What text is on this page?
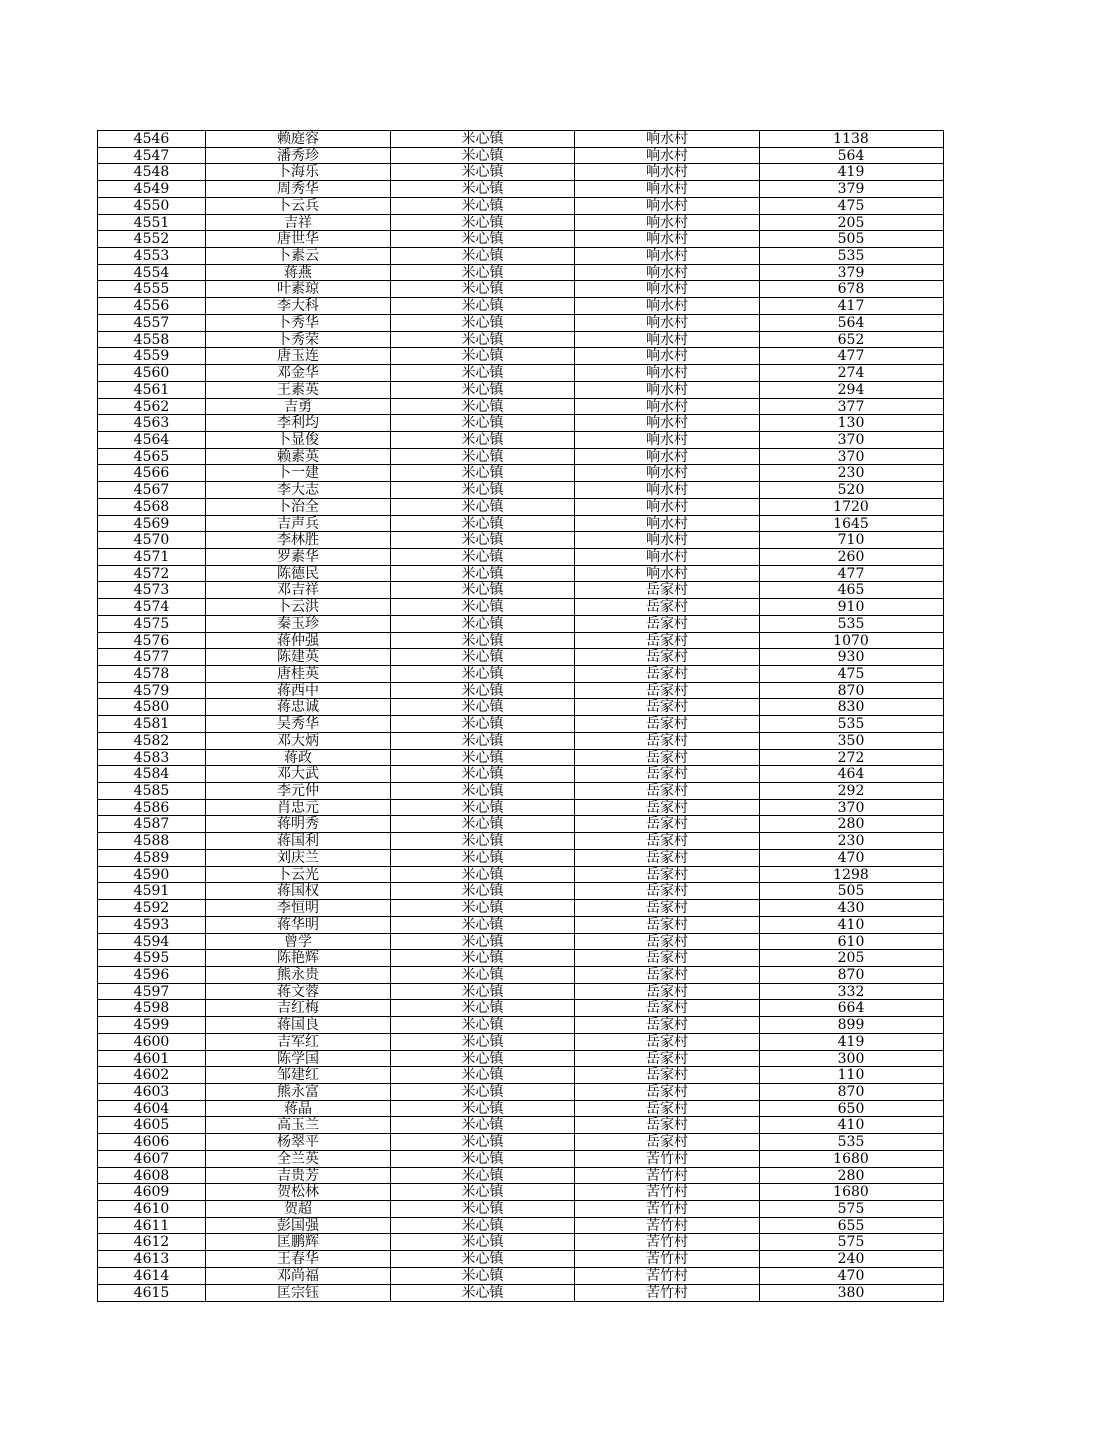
4546	赖庭容	米心镇	响水村	1138
4547	潘秀珍	米心镇	响水村	564
4548	卜海乐	米心镇	响水村	419
4549	周秀华	米心镇	响水村	379
4550	卜云兵	米心镇	响水村	475
4551	吉祥	米心镇	响水村	205
4552	唐世华	米心镇	响水村	505
4553	卜素云	米心镇	响水村	535
4554	蒋燕	米心镇	响水村	379
4555	叶素琼	米心镇	响水村	678
4556	李大科	米心镇	响水村	417
4557	卜秀华	米心镇	响水村	564
4558	卜秀荣	米心镇	响水村	652
4559	唐玉连	米心镇	响水村	477
4560	邓金华	米心镇	响水村	274
4561	王素英	米心镇	响水村	294
4562	吉勇	米心镇	响水村	377
4563	李利均	米心镇	响水村	130
4564	卜显俊	米心镇	响水村	370
4565	赖素英	米心镇	响水村	370
4566	卜一建	米心镇	响水村	230
4567	李大志	米心镇	响水村	520
4568	卜治全	米心镇	响水村	1720
4569	吉声兵	米心镇	响水村	1645
4570	李林胜	米心镇	响水村	710
4571	罗素华	米心镇	响水村	260
4572	陈德民	米心镇	响水村	477
4573	邓吉祥	米心镇	岳家村	465
4574	卜云洪	米心镇	岳家村	910
4575	秦玉珍	米心镇	岳家村	535
4576	蒋仲强	米心镇	岳家村	1070
4577	陈建英	米心镇	岳家村	930
4578	唐桂英	米心镇	岳家村	475
4579	蒋西中	米心镇	岳家村	870
4580	蒋忠诚	米心镇	岳家村	830
4581	吴秀华	米心镇	岳家村	535
4582	邓大炳	米心镇	岳家村	350
4583	蒋政	米心镇	岳家村	272
4584	邓大武	米心镇	岳家村	464
4585	李元仲	米心镇	岳家村	292
4586	肖忠元	米心镇	岳家村	370
4587	蒋明秀	米心镇	岳家村	280
4588	蒋国利	米心镇	岳家村	230
4589	刘庆兰	米心镇	岳家村	470
4590	卜云光	米心镇	岳家村	1298
4591	蒋国权	米心镇	岳家村	505
4592	李恒明	米心镇	岳家村	430
4593	蒋华明	米心镇	岳家村	410
4594	曾学	米心镇	岳家村	610
4595	陈艳辉	米心镇	岳家村	205
4596	熊永贵	米心镇	岳家村	870
4597	蒋文蓉	米心镇	岳家村	332
4598	吉红梅	米心镇	岳家村	664
4599	蒋国良	米心镇	岳家村	899
4600	吉军红	米心镇	岳家村	419
4601	陈学国	米心镇	岳家村	300
4602	邹建红	米心镇	岳家村	110
4603	熊永富	米心镇	岳家村	870
4604	蒋晶	米心镇	岳家村	650
4605	高玉兰	米心镇	岳家村	410
4606	杨翠平	米心镇	岳家村	535
4607	全兰英	米心镇	苦竹村	1680
4608	吉贵芳	米心镇	苦竹村	280
4609	贺松林	米心镇	苦竹村	1680
4610	贺超	米心镇	苦竹村	575
4611	彭国强	米心镇	苦竹村	655
4612	匡鹏辉	米心镇	苦竹村	575
4613	王春华	米心镇	苦竹村	240
4614	邓尚福	米心镇	苦竹村	470
4615	匡宗钰	米心镇	苦竹村	380
